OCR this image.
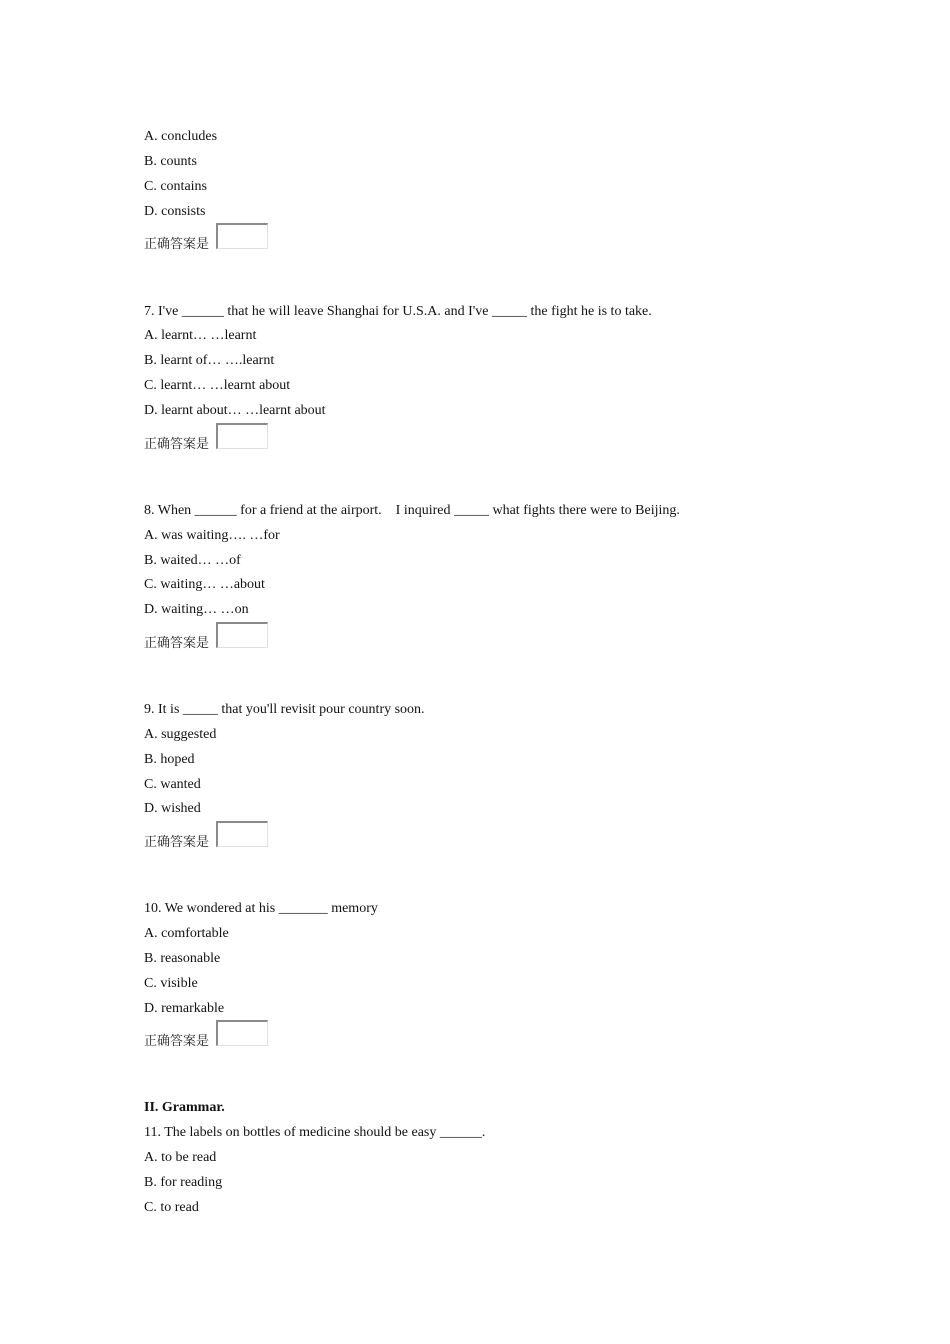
A. concludes
B. counts
C. contains
D. consists
正确答案是
7. I've ______ that he will leave Shanghai for U.S.A. and I've _____ the fight he is to take.
A. learnt… …learnt
B. learnt of… ….learnt
C. learnt… …learnt about
D. learnt about… …learnt about
正确答案是
8. When ______ for a friend at the airport.    I inquired _____ what fights there were to Beijing.
A. was waiting…. …for
B. waited… …of
C. waiting… …about
D. waiting… …on
正确答案是
9. It is _____ that you'll revisit pour country soon.
A. suggested
B. hoped
C. wanted
D. wished
正确答案是
10. We wondered at his _______ memory
A. comfortable
B. reasonable
C. visible
D. remarkable
正确答案是
II. Grammar.
11. The labels on bottles of medicine should be easy ______.
A. to be read
B. for reading
C. to read
